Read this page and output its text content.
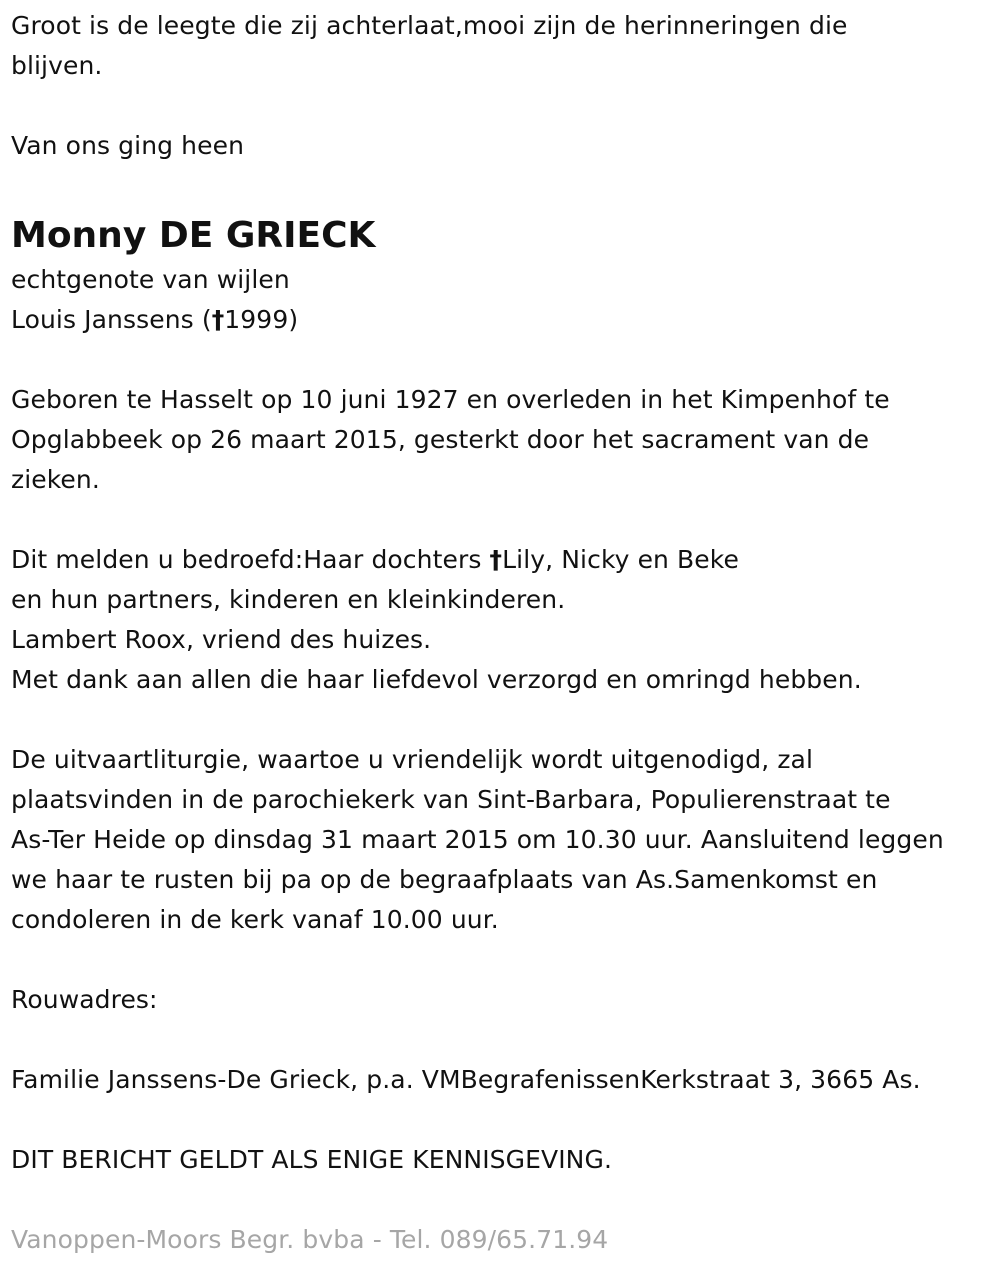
Groot is de leegte die zij achterlaat,mooi zijn de herinneringen die

blijven.

Van ons ging heen

Monny DE GRIECK

echtgenote van wijlen

Louis Janssens (†1999)

Geboren te Hasselt op 10 juni 1927 en overleden in het Kimpenhof te

Opglabbeek op 26 maart 2015, gesterkt door het sacrament van de

zieken.

Dit melden u bedroefd:Haar dochters †Lily, Nicky en Beke

en hun partners, kinderen en kleinkinderen.

Lambert Roox, vriend des huizes.

Met dank aan allen die haar liefdevol verzorgd en omringd hebben.

De uitvaartliturgie, waartoe u vriendelijk wordt uitgenodigd, zal

plaatsvinden in de parochiekerk van Sint-Barbara, Populierenstraat te

As-Ter Heide op dinsdag 31 maart 2015 om 10.30 uur. Aansluitend leggen

we haar te rusten bij pa op de begraafplaats van As.Samenkomst en

condoleren in de kerk vanaf 10.00 uur.

Rouwadres:

Familie Janssens-De Grieck, p.a. VMBegrafenissenKerkstraat 3, 3665 As.

DIT BERICHT GELDT ALS ENIGE KENNISGEVING.

Vanoppen-Moors Begr. bvba - Tel. 089/65.71.94
